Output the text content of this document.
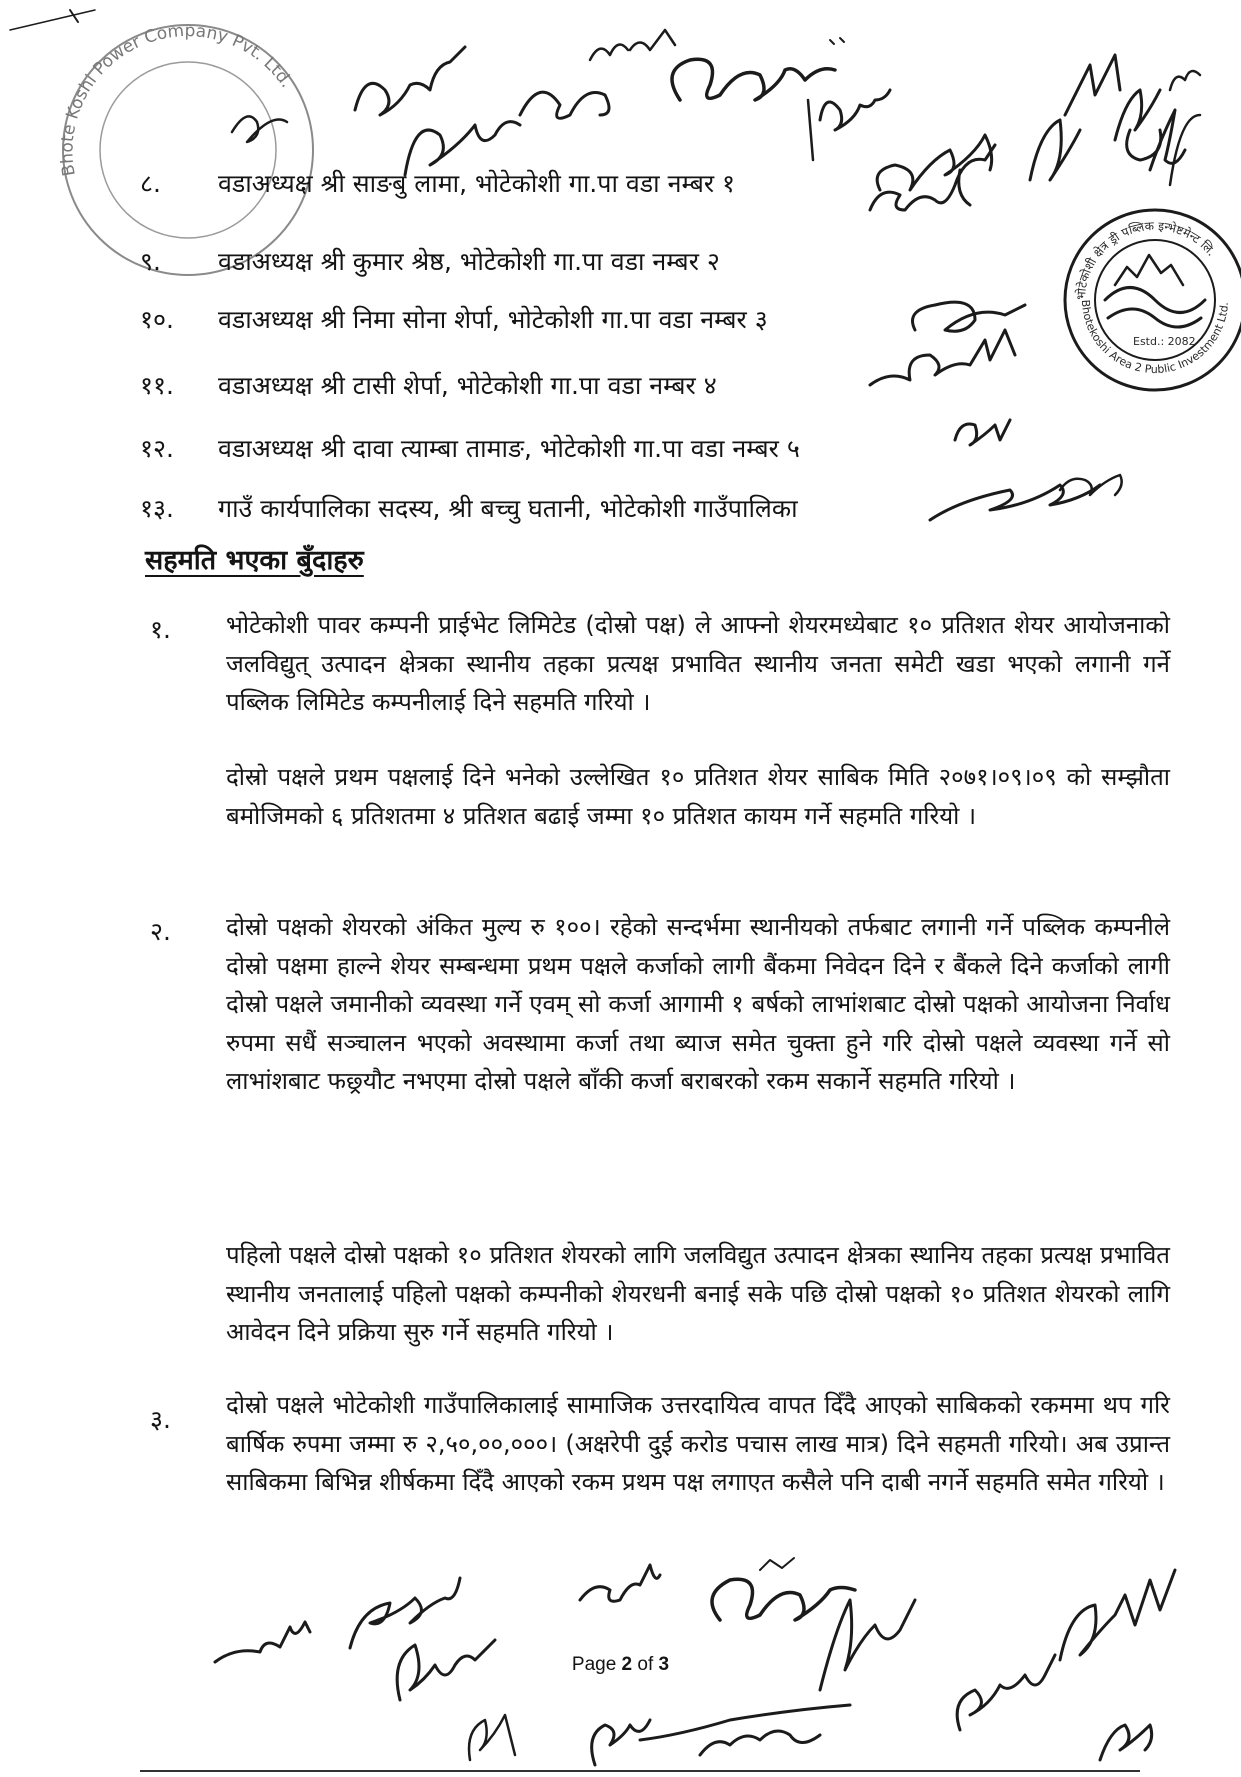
Bhote Koshi Power Company Pvt. Ltd.
भोटेकोशी क्षेत्र ड्री पब्लिक इन्भेष्टमेन्ट लि.
Bhotekoshi Area 2 Public Investment Ltd.
Estd.: 2082
८. वडाअध्यक्ष श्री साङबु लामा, भोटेकोशी गा.पा वडा नम्बर १
९. वडाअध्यक्ष श्री कुमार श्रेष्ठ, भोटेकोशी गा.पा वडा नम्बर २
१०. वडाअध्यक्ष श्री निमा सोना शेर्पा, भोटेकोशी गा.पा वडा नम्बर ३
११. वडाअध्यक्ष श्री टासी शेर्पा, भोटेकोशी गा.पा वडा नम्बर ४
१२. वडाअध्यक्ष श्री दावा त्याम्बा तामाङ, भोटेकोशी गा.पा वडा नम्बर ५
१३. गाउँ कार्यपालिका सदस्य, श्री बच्चु घतानी, भोटेकोशी गाउँपालिका
सहमति भएका बुँदाहरु
१. भोटेकोशी पावर कम्पनी प्राईभेट लिमिटेड (दोस्रो पक्ष) ले आफ्नो शेयरमध्येबाट १० प्रतिशत शेयर आयोजनाको जलविद्युत् उत्पादन क्षेत्रका स्थानीय तहका प्रत्यक्ष प्रभावित स्थानीय जनता समेटी खडा भएको लगानी गर्ने पब्लिक लिमिटेड कम्पनीलाई दिने सहमति गरियो ।
दोस्रो पक्षले प्रथम पक्षलाई दिने भनेको उल्लेखित १० प्रतिशत शेयर साबिक मिति २०७१।०९।०९ को सम्झौता बमोजिमको ६ प्रतिशतमा ४ प्रतिशत बढाई जम्मा १० प्रतिशत कायम गर्ने सहमति गरियो ।
२. दोस्रो पक्षको शेयरको अंकित मुल्य रु १००। रहेको सन्दर्भमा स्थानीयको तर्फबाट लगानी गर्ने पब्लिक कम्पनीले दोस्रो पक्षमा हाल्ने शेयर सम्बन्धमा प्रथम पक्षले कर्जाको लागी बैंकमा निवेदन दिने र बैंकले दिने कर्जाको लागी दोस्रो पक्षले जमानीको व्यवस्था गर्ने एवम् सो कर्जा आगामी १ बर्षको लाभांशबाट दोस्रो पक्षको आयोजना निर्वाध रुपमा सधैं सञ्चालन भएको अवस्थामा कर्जा तथा ब्याज समेत चुक्ता हुने गरि दोस्रो पक्षले व्यवस्था गर्ने सो लाभांशबाट फछ्र्यौट नभएमा दोस्रो पक्षले बाँकी कर्जा बराबरको रकम सकार्ने सहमति गरियो ।
पहिलो पक्षले दोस्रो पक्षको १० प्रतिशत शेयरको लागि जलविद्युत उत्पादन क्षेत्रका स्थानिय तहका प्रत्यक्ष प्रभावित स्थानीय जनतालाई पहिलो पक्षको कम्पनीको शेयरधनी बनाई सके पछि दोस्रो पक्षको १० प्रतिशत शेयरको लागि आवेदन दिने प्रक्रिया सुरु गर्ने सहमति गरियो ।
३. दोस्रो पक्षले भोटेकोशी गाउँपालिकालाई सामाजिक उत्तरदायित्व वापत दिँदै आएको साबिकको रकममा थप गरि बार्षिक रुपमा जम्मा रु २,५०,००,०००। (अक्षरेपी दुई करोड पचास लाख मात्र) दिने सहमती गरियो। अब उप्रान्त साबिकमा बिभिन्न शीर्षकमा दिँदै आएको रकम प्रथम पक्ष लगाएत कसैले पनि दाबी नगर्ने सहमति समेत गरियो ।
Page 2 of 3
